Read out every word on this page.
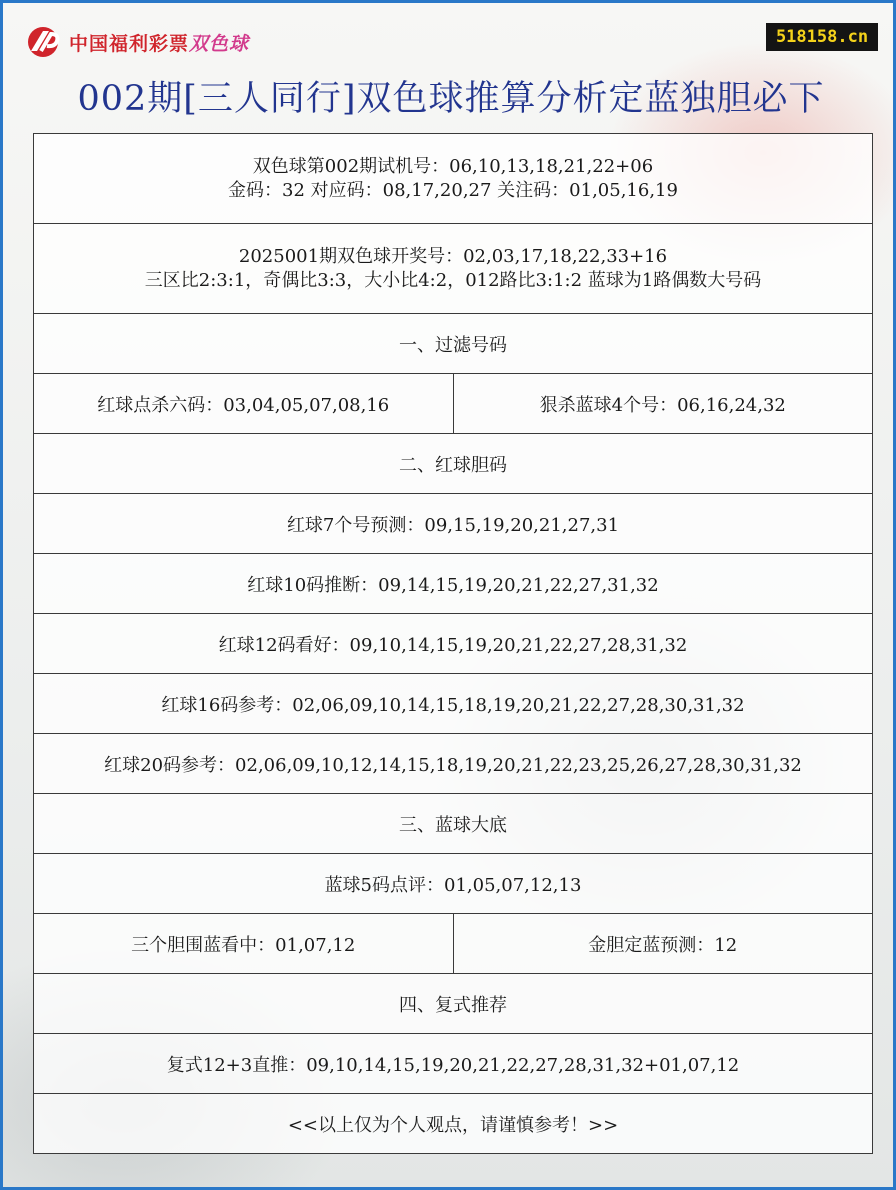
中国福利彩票双色球	518158.cn
002期[三人同行]双色球推算分析定蓝独胆必下
双色球第002期试机号：06,10,13,18,21,22+06
金码：32 对应码：08,17,20,27 关注码：01,05,16,19	

2025001期双色球开奖号：02,03,17,18,22,33+16
三区比2:3:1，奇偶比3:3，大小比4:2，012路比3:1:2 蓝球为1路偶数大号码	

一、过滤号码	
红球点杀六码：03,04,05,07,08,16	狠杀蓝球4个号：06,16,24,32
二、红球胆码	
红球7个号预测：09,15,19,20,21,27,31	
红球10码推断：09,14,15,19,20,21,22,27,31,32	
红球12码看好：09,10,14,15,19,20,21,22,27,28,31,32	
红球16码参考：02,06,09,10,14,15,18,19,20,21,22,27,28,30,31,32	
红球20码参考：02,06,09,10,12,14,15,18,19,20,21,22,23,25,26,27,28,30,31,32	
三、蓝球大底	
蓝球5码点评：01,05,07,12,13	
三个胆围蓝看中：01,07,12	金胆定蓝预测：12
四、复式推荐	
复式12+3直推：09,10,14,15,19,20,21,22,27,28,31,32+01,07,12	
<<以上仅为个人观点，请谨慎参考！>>	
